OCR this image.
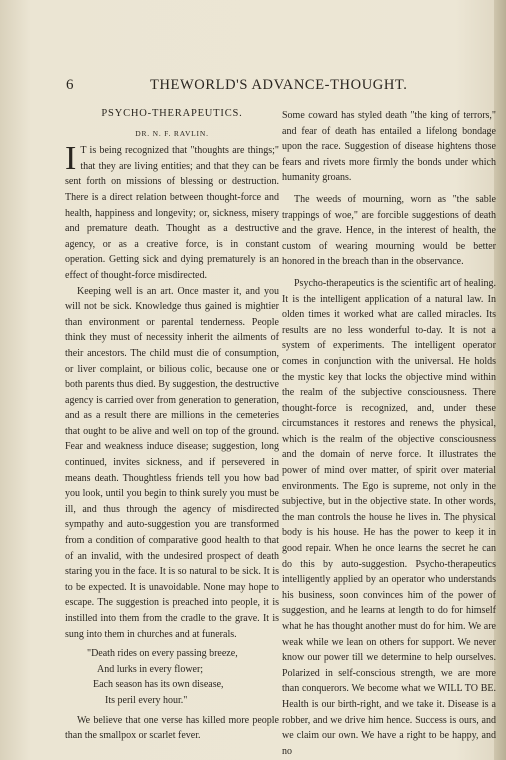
6	THEWORLD'S ADVANCE-THOUGHT.
PSYCHO-THERAPEUTICS.
DR. N. F. RAVLIN.

I T is being recognized that "thoughts are things;" that they are living entities; and that they can be sent forth on missions of blessing or destruction. There is a direct relation between thought-force and health, happiness and longevity; or, sickness, misery and premature death. Thought as a destructive agency, or as a creative force, is in constant operation. Getting sick and dying prematurely is an effect of thought-force misdirected.

Keeping well is an art. Once master it, and you will not be sick. Knowledge thus gained is mightier than environment or parental tenderness. People think they must of necessity inherit the ailments of their ancestors. The child must die of consumption, or liver complaint, or bilious colic, because one or both parents thus died. By suggestion, the destructive agency is carried over from generation to generation, and as a result there are millions in the cemeteries that ought to be alive and well on top of the ground. Fear and weakness induce disease; suggestion, long continued, invites sickness, and if persevered in means death. Thoughtless friends tell you how bad you look, until you begin to think surely you must be ill, and thus through the agency of misdirected sympathy and auto-suggestion you are transformed from a condition of comparative good health to that of an invalid, with the undesired prospect of death staring you in the face. It is so natural to be sick. It is to be expected. It is unavoidable. None may hope to escape. The suggestion is preached into people, it is instilled into them from the cradle to the grave. It is sung into them in churches and at funerals.

"Death rides on every passing breeze,
And lurks in every flower;
Each season has its own disease,
Its peril every hour."

We believe that one verse has killed more people than the smallpox or scarlet fever.

Some coward has styled death "the king of terrors," and fear of death has entailed a lifelong bondage upon the race. Suggestion of disease hightens those fears and rivets more firmly the bonds under which humanity groans.

The weeds of mourning, worn as "the sable trappings of woe," are forcible suggestions of death and the grave. Hence, in the interest of health, the custom of wearing mourning would be better honored in the breach than in the observance.

Psycho-therapeutics is the scientific art of healing. It is the intelligent application of a natural law. In olden times it worked what are called miracles. Its results are no less wonderful to-day. It is not a system of experiments. The intelligent operator comes in conjunction with the universal. He holds the mystic key that locks the objective mind within the realm of the subjective consciousness. There thought-force is recognized, and, under these circumstances it restores and renews the physical, which is the realm of the objective consciousness and the domain of nerve force. It illustrates the power of mind over matter, of spirit over material environments. The Ego is supreme, not only in the subjective, but in the objective state. In other words, the man controls the house he lives in. The physical body is his house. He has the power to keep it in good repair. When he once learns the secret he can do this by auto-suggestion. Psycho-therapeutics intelligently applied by an operator who understands his business, soon convinces him of the power of suggestion, and he learns at length to do for himself what he has thought another must do for him. We are weak while we lean on others for support. We never know our power till we determine to help ourselves. Polarized in self-conscious strength, we are more than conquerors. We become what we WILL TO BE. Health is our birth-right, and we take it. Disease is a robber, and we drive him hence. Success is ours, and we claim our own. We have a right to be happy, and no
